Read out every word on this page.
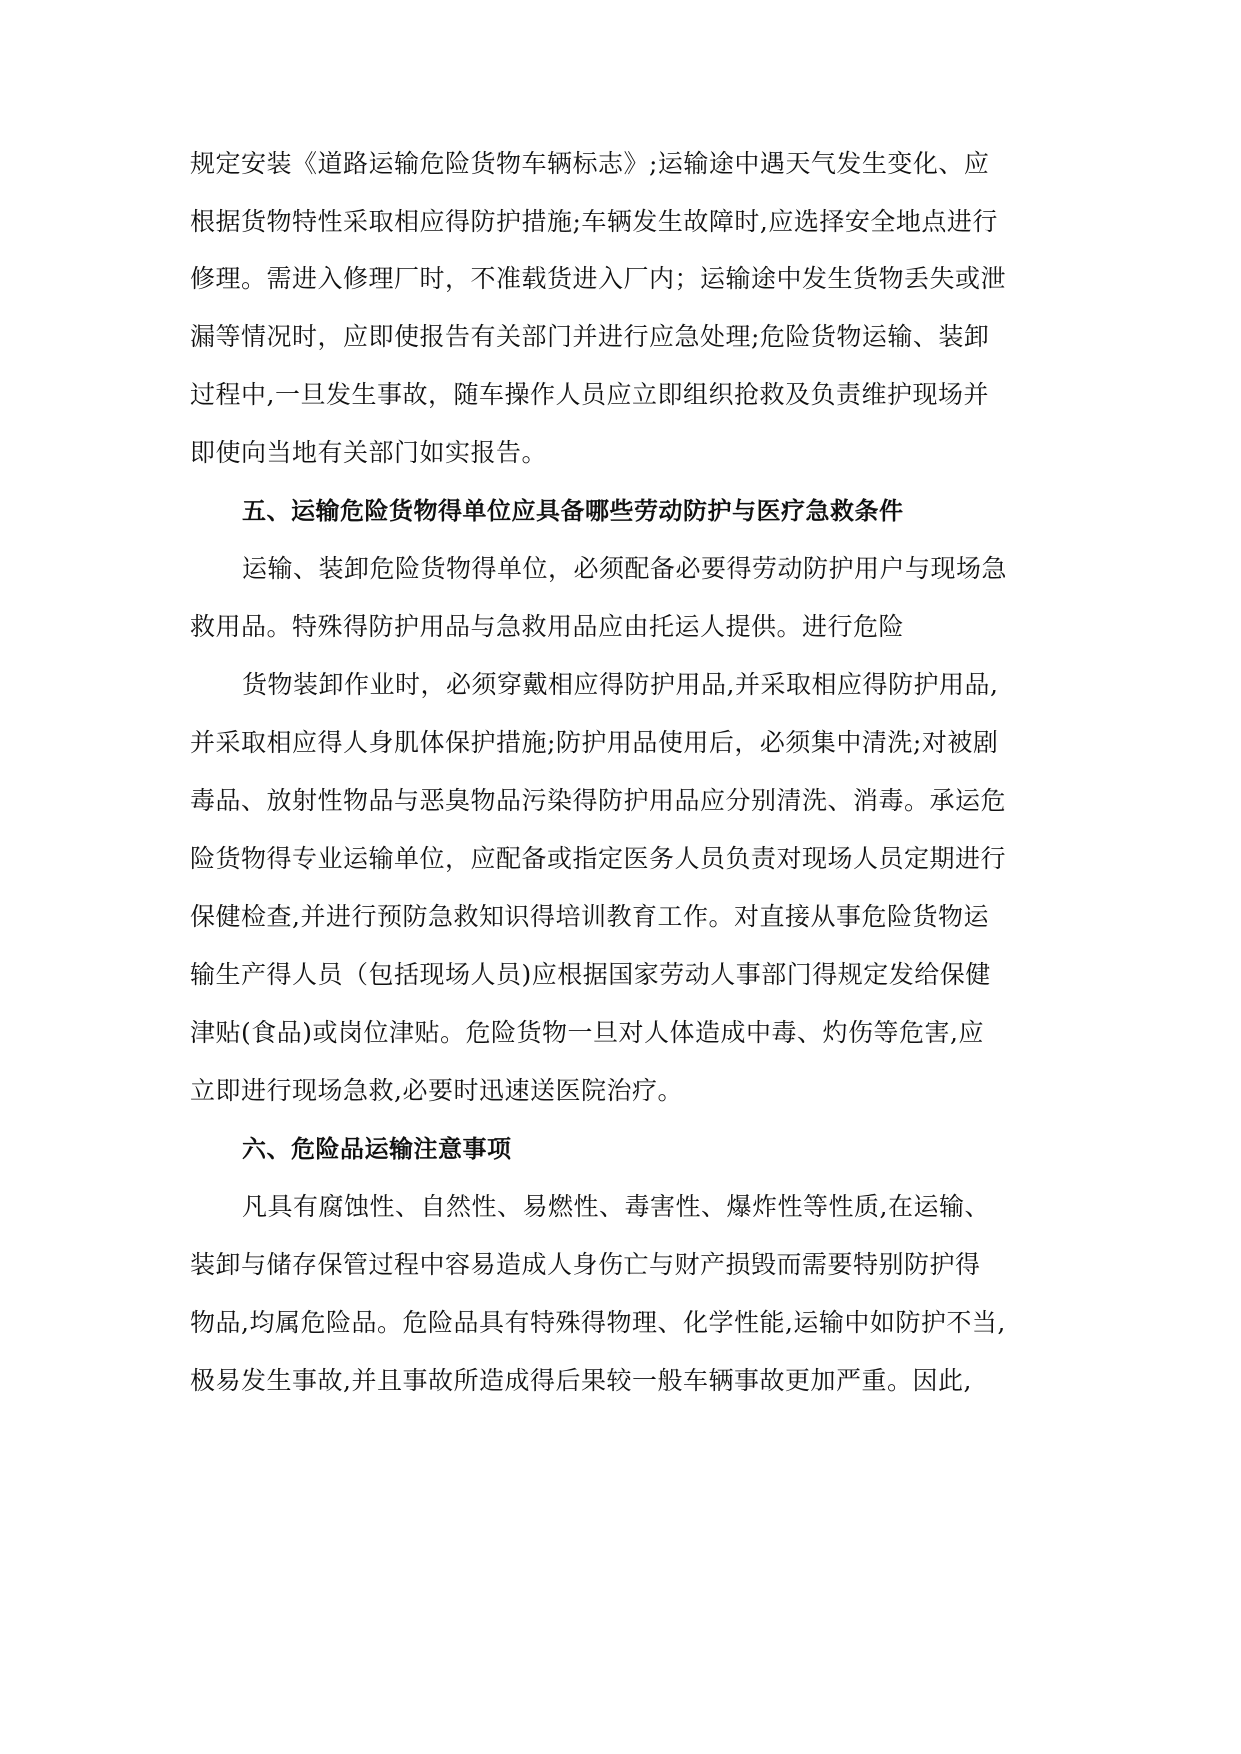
规定安装《道路运输危险货物车辆标志》;运输途中遇天气发生变化、应
根据货物特性采取相应得防护措施;车辆发生故障时,应选择安全地点进行
修理。需进入修理厂时，不准载货进入厂内；运输途中发生货物丢失或泄
漏等情况时，应即使报告有关部门并进行应急处理;危险货物运输、装卸
过程中,一旦发生事故，随车操作人员应立即组织抢救及负责维护现场并
即使向当地有关部门如实报告。
五、运输危险货物得单位应具备哪些劳动防护与医疗急救条件
运输、装卸危险货物得单位，必须配备必要得劳动防护用户与现场急
救用品。特殊得防护用品与急救用品应由托运人提供。进行危险
货物装卸作业时，必须穿戴相应得防护用品,并采取相应得防护用品,
并采取相应得人身肌体保护措施;防护用品使用后，必须集中清洗;对被剧
毒品、放射性物品与恶臭物品污染得防护用品应分别清洗、消毒。承运危
险货物得专业运输单位，应配备或指定医务人员负责对现场人员定期进行
保健检查,并进行预防急救知识得培训教育工作。对直接从事危险货物运
输生产得人员（包括现场人员)应根据国家劳动人事部门得规定发给保健
津贴(食品)或岗位津贴。危险货物一旦对人体造成中毒、灼伤等危害,应
立即进行现场急救,必要时迅速送医院治疗。
六、危险品运输注意事项
凡具有腐蚀性、自然性、易燃性、毒害性、爆炸性等性质,在运输、
装卸与储存保管过程中容易造成人身伤亡与财产损毁而需要特别防护得
物品,均属危险品。危险品具有特殊得物理、化学性能,运输中如防护不当,
极易发生事故,并且事故所造成得后果较一般车辆事故更加严重。因此,
